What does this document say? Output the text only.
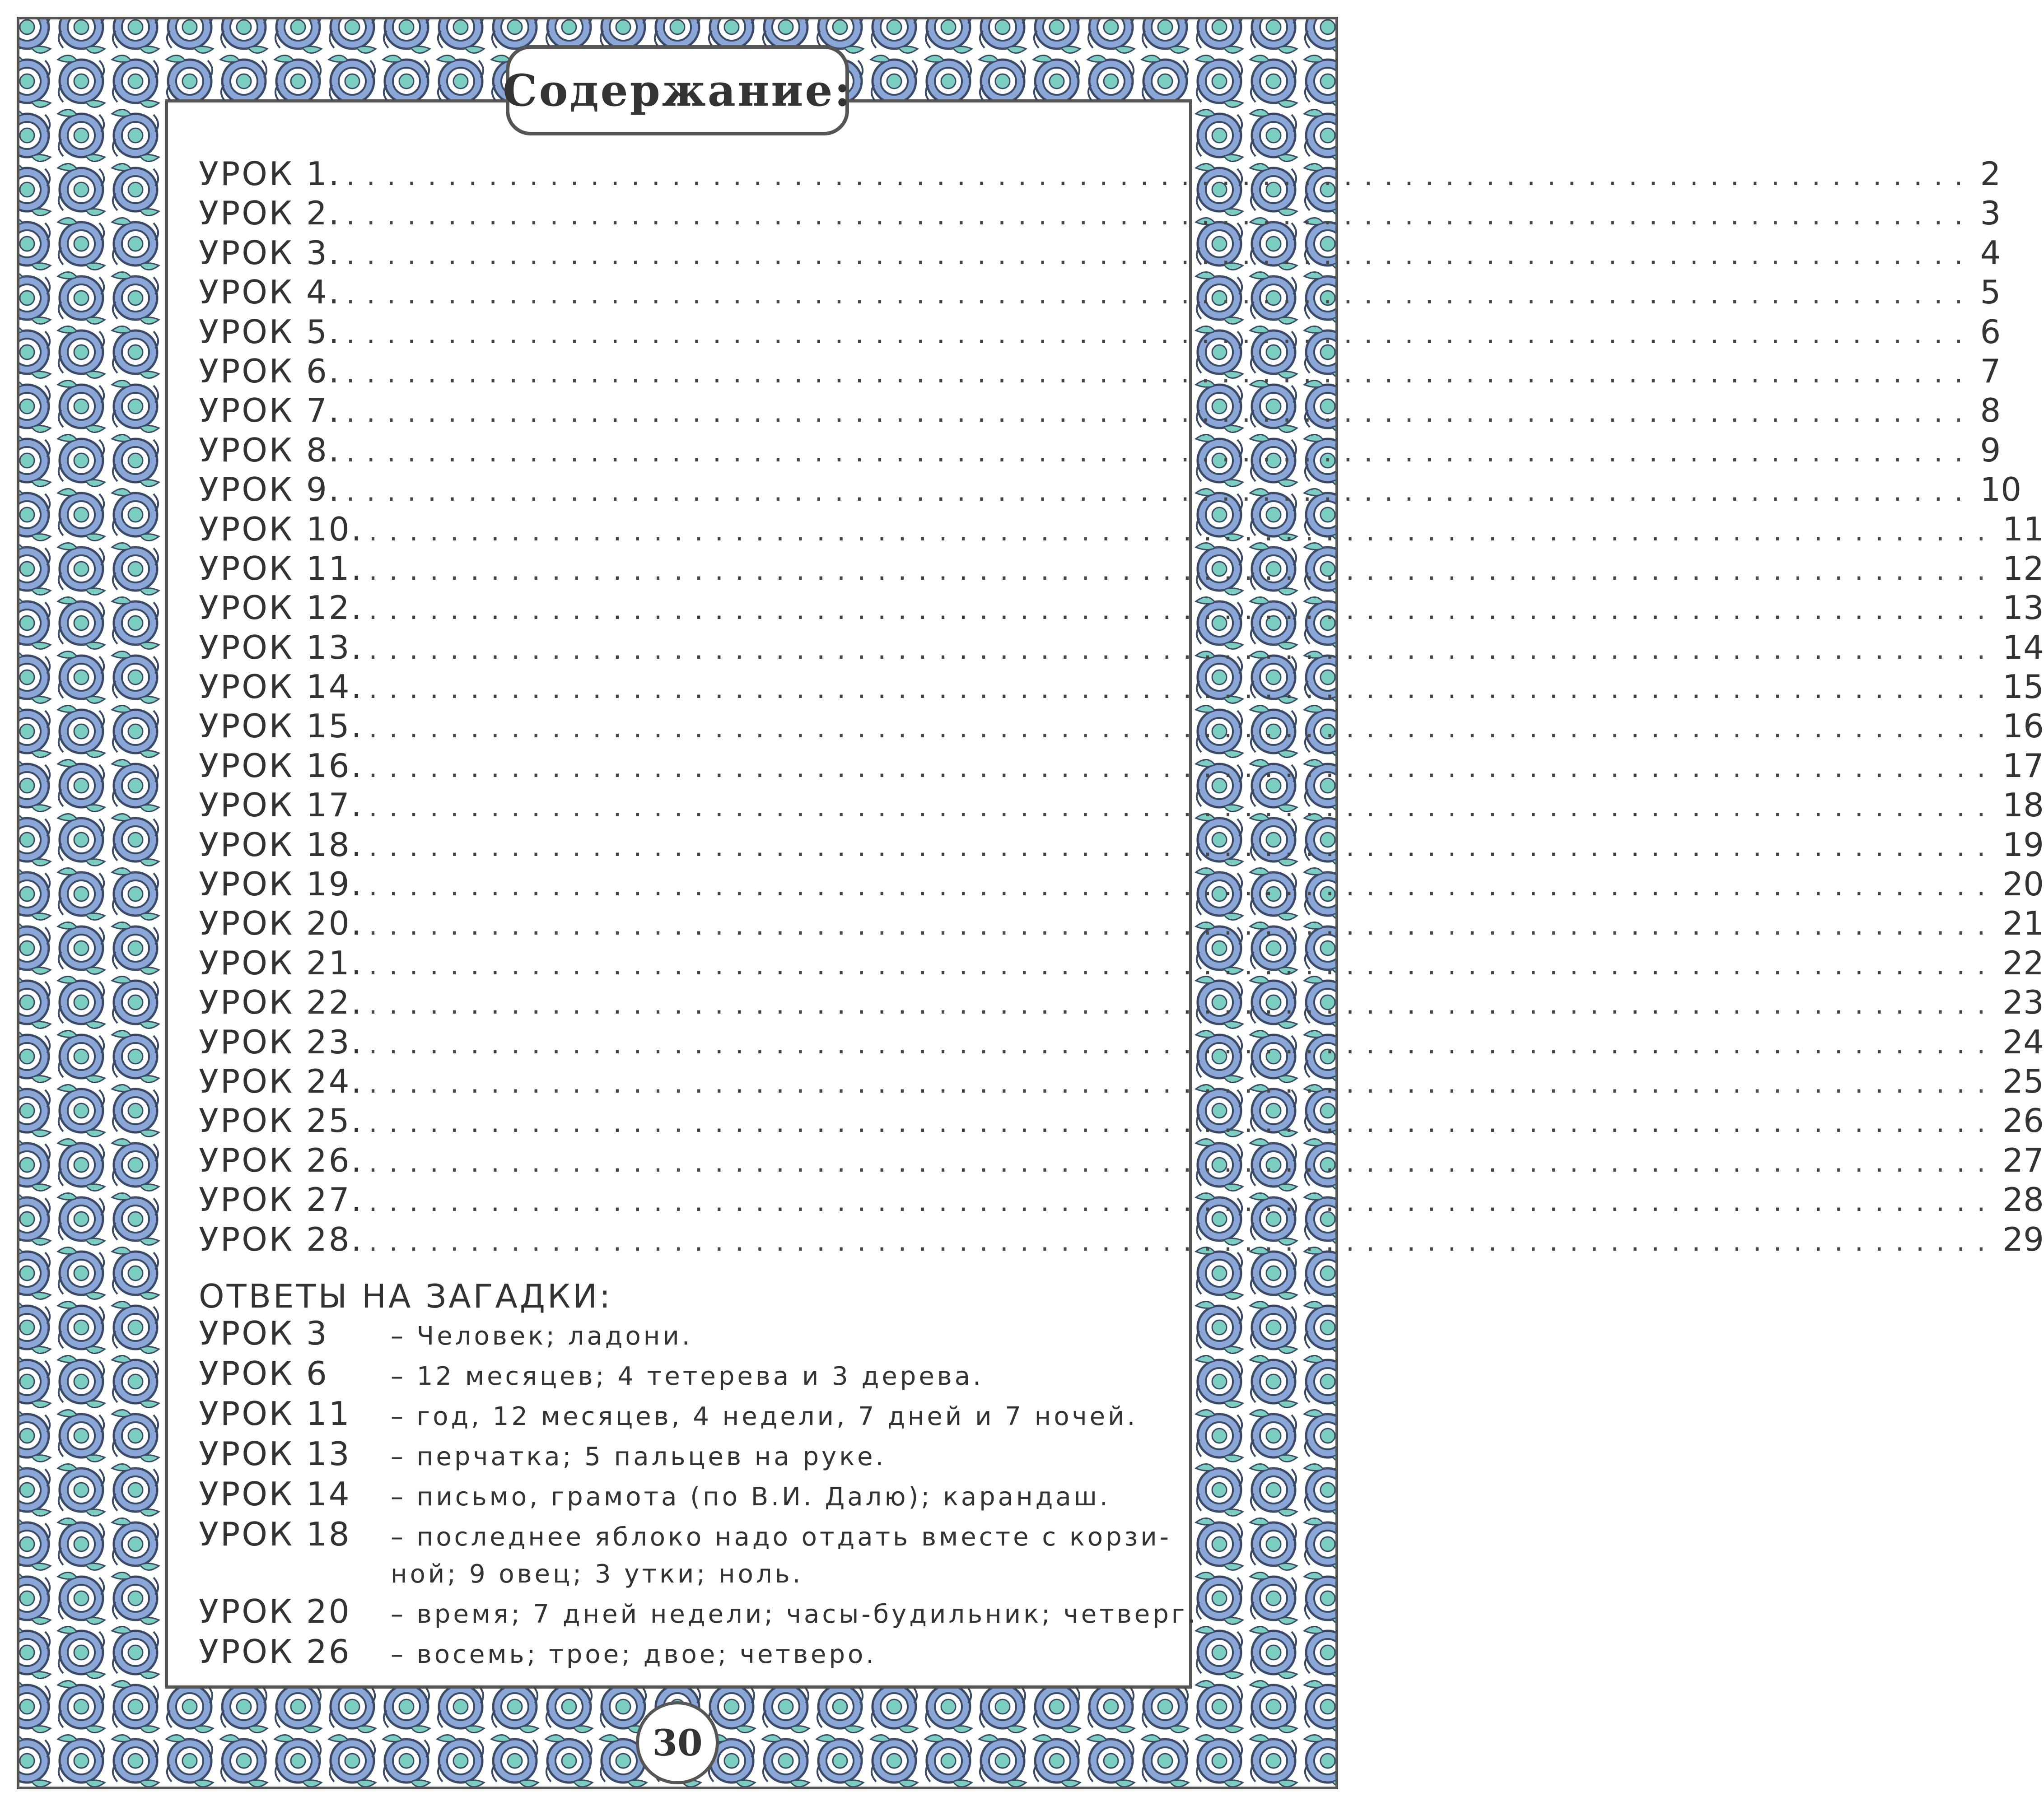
Содержание:
УРОК 1. ................................................................................ 2
УРОК 2. ................................................................................ 3
УРОК 3. ................................................................................ 4
УРОК 4. ................................................................................ 5
УРОК 5. ................................................................................ 6
УРОК 6. ................................................................................ 7
УРОК 7. ................................................................................ 8
УРОК 8. ................................................................................ 9
УРОК 9. ................................................................................ 10
УРОК 10. ................................................................................ 11
УРОК 11. ................................................................................ 12
УРОК 12. ................................................................................ 13
УРОК 13. ................................................................................ 14
УРОК 14. ................................................................................ 15
УРОК 15. ................................................................................ 16
УРОК 16. ................................................................................ 17
УРОК 17. ................................................................................ 18
УРОК 18. ................................................................................ 19
УРОК 19. ................................................................................ 20
УРОК 20. ................................................................................ 21
УРОК 21. ................................................................................ 22
УРОК 22. ................................................................................ 23
УРОК 23. ................................................................................ 24
УРОК 24. ................................................................................ 25
УРОК 25. ................................................................................ 26
УРОК 26. ................................................................................ 27
УРОК 27. ................................................................................ 28
УРОК 28. ................................................................................ 29
ОТВЕТЫ НА ЗАГАДКИ:
УРОК 3	– Человек; ладони.
УРОК 6	– 12 месяцев; 4 тетерева и 3 дерева.
УРОК 11	– год, 12 месяцев, 4 недели, 7 дней и 7 ночей.
УРОК 13	– перчатка; 5 пальцев на руке.
УРОК 14	– письмо, грамота (по В.И. Далю); карандаш.
УРОК 18	– последнее яблоко надо отдать вместе с корзи-
ной; 9 овец; 3 утки; ноль.
УРОК 20	– время; 7 дней недели; часы-будильник; четверг.
УРОК 26	– восемь; трое; двое; четверо.
30
